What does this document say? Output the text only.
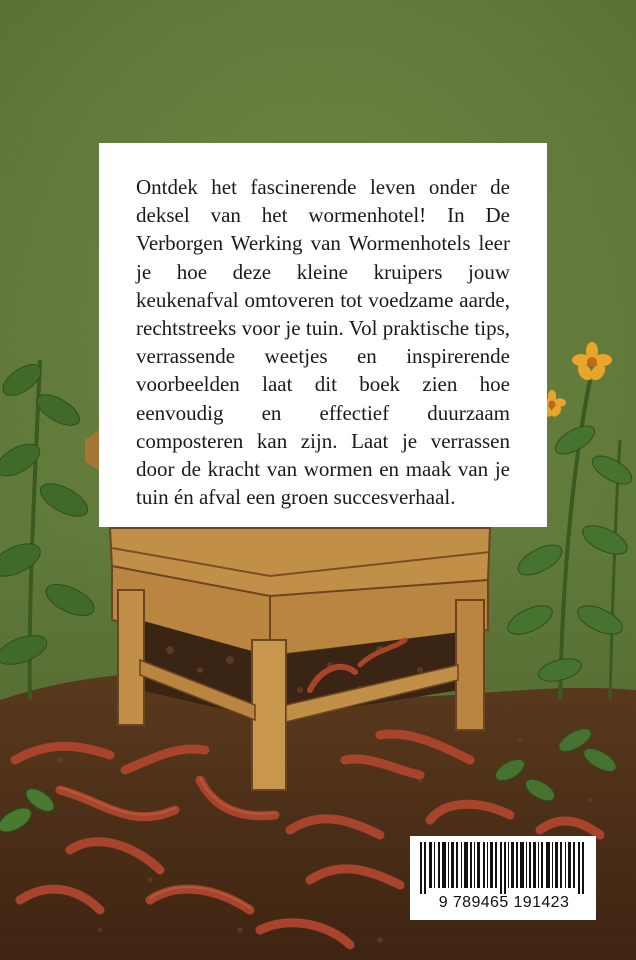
Ontdek het fascinerende leven onder de deksel van het wormenhotel! In De Verborgen Werking van Wormenhotels leer je hoe deze kleine kruipers jouw keukenafval omtoveren tot voedzame aarde, rechtstreeks voor je tuin. Vol praktische tips, verrassende weetjes en inspirerende voorbeelden laat dit boek zien hoe eenvoudig en effectief duurzaam composteren kan zijn. Laat je verrassen door de kracht van wormen en maak van je tuin én afval een groen succesverhaal.

9 789465 191423
